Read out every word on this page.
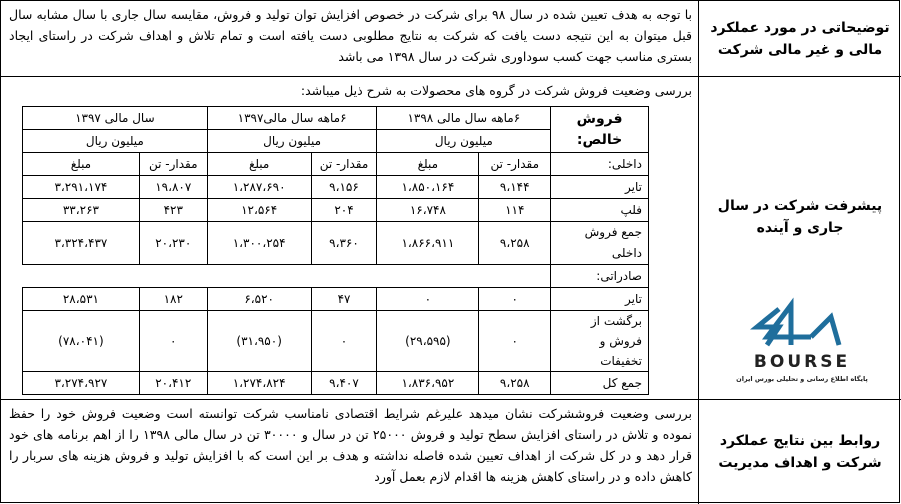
توضیحاتی در مورد عملکرد مالی و غیر مالی شرکت
با توجه به هدف تعیین شده در سال ۹۸ برای شرکت در خصوص افزایش توان تولید و فروش، مقایسه سال جاری با سال مشابه سال قبل میتوان به این نتیجه دست یافت که شرکت به نتایج مطلوبی دست یافته است و تمام تلاش و اهداف شرکت در راستای ایجاد بستری مناسب جهت کسب سوداوری شرکت در سال ۱۳۹۸ می باشد
پیشرفت شرکت در سال جاری و آینده
BOURSE
پایگاه اطلاع رسانی و تحلیلی بورس ایران
بررسی وضعیت فروش شرکت در گروه های محصولات به شرح ذیل میباشد:
فروش خالص:	۶ماهه سال مالی ۱۳۹۸		۶ماهه سال مالی۱۳۹۷		سال مالی ۱۳۹۷	
	میلیون ریال		میلیون ریال		میلیون ریال	
داخلی:	مقدار- تن	مبلغ	مقدار- تن	مبلغ	مقدار- تن	مبلغ
تایر	۹،۱۴۴	۱،۸۵۰،۱۶۴	۹،۱۵۶	۱،۲۸۷،۶۹۰	۱۹،۸۰۷	۳،۲۹۱،۱۷۴
فلپ	۱۱۴	۱۶،۷۴۸	۲۰۴	۱۲،۵۶۴	۴۲۳	۳۳،۲۶۳
جمع فروش داخلی	۹،۲۵۸	۱،۸۶۶،۹۱۱	۹،۳۶۰	۱،۳۰۰،۲۵۴	۲۰،۲۳۰	۳،۳۲۴،۴۳۷
صادراتی:						
تایر	۰	۰	۴۷	۶،۵۲۰	۱۸۲	۲۸،۵۳۱
برگشت از فروش و تخفیفات	۰	(۲۹،۵۹۵)	۰	(۳۱،۹۵۰)	۰	(۷۸،۰۴۱)
جمع کل	۹،۲۵۸	۱،۸۳۶،۹۵۲	۹،۴۰۷	۱،۲۷۴،۸۲۴	۲۰،۴۱۲	۳،۲۷۴،۹۲۷
روابط بین نتایج عملکرد شرکت و اهداف مدیریت
بررسی وضعیت فروششرکت نشان میدهد علیرغم شرایط اقتصادی نامناسب شرکت توانسته است وضعیت فروش خود را حفظ نموده و تلاش در راستای افزایش سطح تولید و فروش ۲۵۰۰۰ تن در سال و ۳۰۰۰۰ تن در سال مالی ۱۳۹۸ را از اهم برنامه های خود قرار دهد و در کل شرکت از اهداف تعیین شده فاصله نداشته و هدف بر این است که با افزایش تولید و فروش هزینه های سربار را کاهش داده و در راستای کاهش هزینه ها اقدام لازم بعمل آورد
